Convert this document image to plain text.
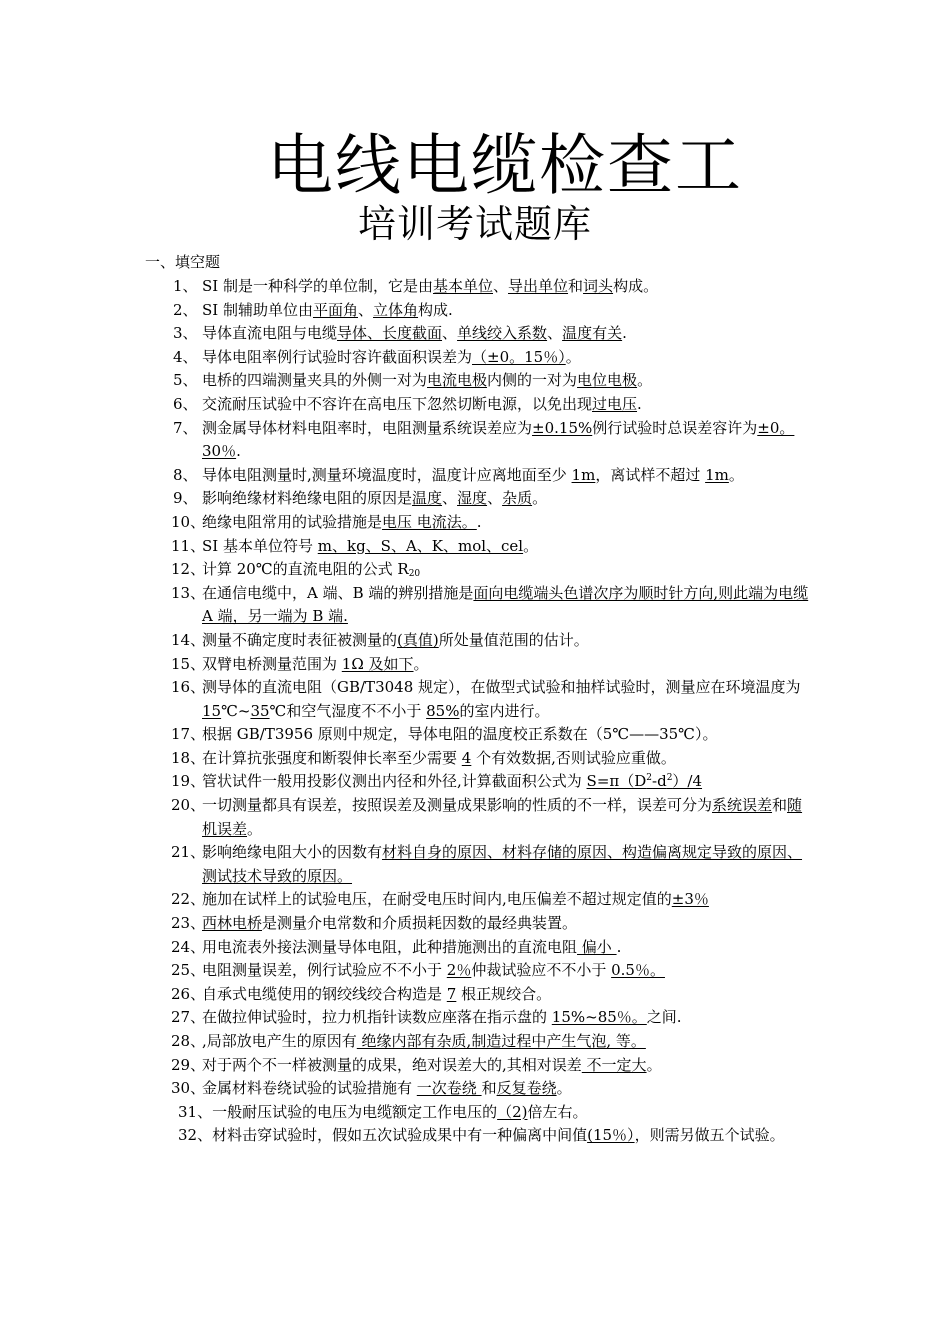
电线电缆检查工
培训考试题库
一、填空题
1、 SI 制是一种科学的单位制，它是由基本单位、导出单位和词头构成。
2、 SI 制辅助单位由平面角、立体角构成.
3、 导体直流电阻与电缆导体、长度截面、单线绞入系数、温度有关.
4、 导体电阻率例行试验时容许截面积误差为（±0。15％）。
5、 电桥的四端测量夹具的外侧一对为电流电极内侧的一对为电位电极。
6、 交流耐压试验中不容许在高电压下忽然切断电源，以免出现过电压.
7、 测金属导体材料电阻率时，电阻测量系统误差应为±0.15%例行试验时总误差容许为±0。30％.
8、 导体电阻测量时,测量环境温度时，温度计应离地面至少 1m，离试样不超过 1m。
9、 影响绝缘材料绝缘电阻的原因是温度、湿度、杂质。
10、
绝缘电阻常用的试验措施是电压 电流法。.
11、
SI 基本单位符号 m、kg、S、A、K、mol、cel。
12、
计算 20℃的直流电阻的公式 $R_{20}$
13、
在通信电缆中，A 端、B 端的辨别措施是面向电缆端头色谱次序为顺时针方向,则此端为电缆 A 端，另一端为 B 端.
14、
测量不确定度时表征被测量的(真值)所处量值范围的估计。
15、
双臂电桥测量范围为 1Ω 及如下。
16、
测导体的直流电阻（GB/T3048 规定），在做型式试验和抽样试验时，测量应在环境温度为 15℃~35℃和空气湿度不不小于 85%的室内进行。
17、
根据 GB/T3956 原则中规定，导体电阻的温度校正系数在（5℃——35℃）。
18、
在计算抗张强度和断裂伸长率至少需要 4 个有效数据,否则试验应重做。
19、
管状试件一般用投影仪测出内径和外径,计算截面积公式为 $S=\pi(D^2-d^2)/4$
20、
一切测量都具有误差，按照误差及测量成果影响的性质的不一样，误差可分为系统误差和随机误差。
21、
影响绝缘电阻大小的因数有材料自身的原因、材料存储的原因、构造偏离规定导致的原因、测试技术导致的原因。
22、
施加在试样上的试验电压，在耐受电压时间内,电压偏差不超过规定值的±3％
23、
西林电桥是测量介电常数和介质损耗因数的最经典装置。
24、
用电流表外接法测量导体电阻，此种措施测出的直流电阻 偏小 .
25、
电阻测量误差，例行试验应不不小于 2％仲裁试验应不不小于 0.5％。
26、
自承式电缆使用的钢绞线绞合构造是 7 根正规绞合。
27、
在做拉伸试验时，拉力机指针读数应座落在指示盘的 15%~85％。之间.
28、
,局部放电产生的原因有 绝缘内部有杂质,制造过程中产生气泡, 等。
29、
对于两个不一样被测量的成果，绝对误差大的,其相对误差 不一定大。
30、
金属材料卷绕试验的试验措施有 一次卷绕 和反复卷绕。
31、一般耐压试验的电压为电缆额定工作电压的（2)倍左右。
32、材料击穿试验时，假如五次试验成果中有一种偏离中间值(15％），则需另做五个试验。
